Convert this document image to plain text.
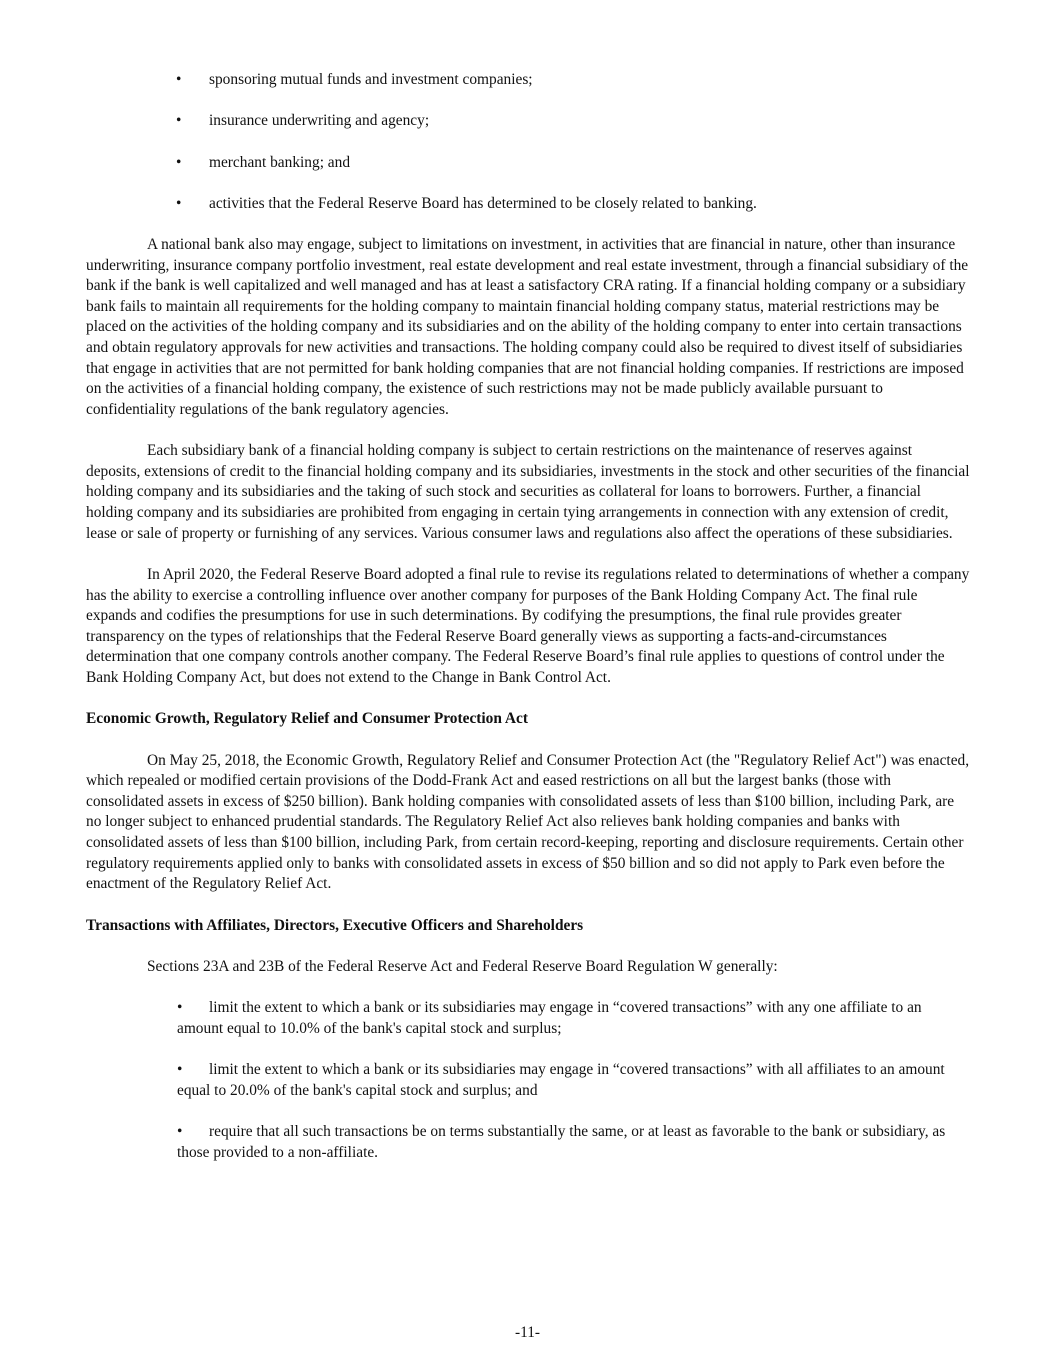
• sponsoring mutual funds and investment companies;
• insurance underwriting and agency;
• merchant banking; and
• activities that the Federal Reserve Board has determined to be closely related to banking.

A national bank also may engage, subject to limitations on investment, in activities that are financial in nature, other than insurance underwriting, insurance company portfolio investment, real estate development and real estate investment, through a financial subsidiary of the bank if the bank is well capitalized and well managed and has at least a satisfactory CRA rating. If a financial holding company or a subsidiary bank fails to maintain all requirements for the holding company to maintain financial holding company status, material restrictions may be placed on the activities of the holding company and its subsidiaries and on the ability of the holding company to enter into certain transactions and obtain regulatory approvals for new activities and transactions. The holding company could also be required to divest itself of subsidiaries that engage in activities that are not permitted for bank holding companies that are not financial holding companies. If restrictions are imposed on the activities of a financial holding company, the existence of such restrictions may not be made publicly available pursuant to confidentiality regulations of the bank regulatory agencies.

Each subsidiary bank of a financial holding company is subject to certain restrictions on the maintenance of reserves against deposits, extensions of credit to the financial holding company and its subsidiaries, investments in the stock and other securities of the financial holding company and its subsidiaries and the taking of such stock and securities as collateral for loans to borrowers. Further, a financial holding company and its subsidiaries are prohibited from engaging in certain tying arrangements in connection with any extension of credit, lease or sale of property or furnishing of any services. Various consumer laws and regulations also affect the operations of these subsidiaries.

In April 2020, the Federal Reserve Board adopted a final rule to revise its regulations related to determinations of whether a company has the ability to exercise a controlling influence over another company for purposes of the Bank Holding Company Act. The final rule expands and codifies the presumptions for use in such determinations. By codifying the presumptions, the final rule provides greater transparency on the types of relationships that the Federal Reserve Board generally views as supporting a facts-and-circumstances determination that one company controls another company. The Federal Reserve Board’s final rule applies to questions of control under the Bank Holding Company Act, but does not extend to the Change in Bank Control Act.

Economic Growth, Regulatory Relief and Consumer Protection Act

On May 25, 2018, the Economic Growth, Regulatory Relief and Consumer Protection Act (the "Regulatory Relief Act") was enacted, which repealed or modified certain provisions of the Dodd-Frank Act and eased restrictions on all but the largest banks (those with consolidated assets in excess of $250 billion). Bank holding companies with consolidated assets of less than $100 billion, including Park, are no longer subject to enhanced prudential standards. The Regulatory Relief Act also relieves bank holding companies and banks with consolidated assets of less than $100 billion, including Park, from certain record-keeping, reporting and disclosure requirements. Certain other regulatory requirements applied only to banks with consolidated assets in excess of $50 billion and so did not apply to Park even before the enactment of the Regulatory Relief Act.

Transactions with Affiliates, Directors, Executive Officers and Shareholders

Sections 23A and 23B of the Federal Reserve Act and Federal Reserve Board Regulation W generally:

• limit the extent to which a bank or its subsidiaries may engage in “covered transactions” with any one affiliate to an amount equal to 10.0% of the bank's capital stock and surplus;

• limit the extent to which a bank or its subsidiaries may engage in “covered transactions” with all affiliates to an amount equal to 20.0% of the bank's capital stock and surplus; and

• require that all such transactions be on terms substantially the same, or at least as favorable to the bank or subsidiary, as those provided to a non-affiliate.

-11-
